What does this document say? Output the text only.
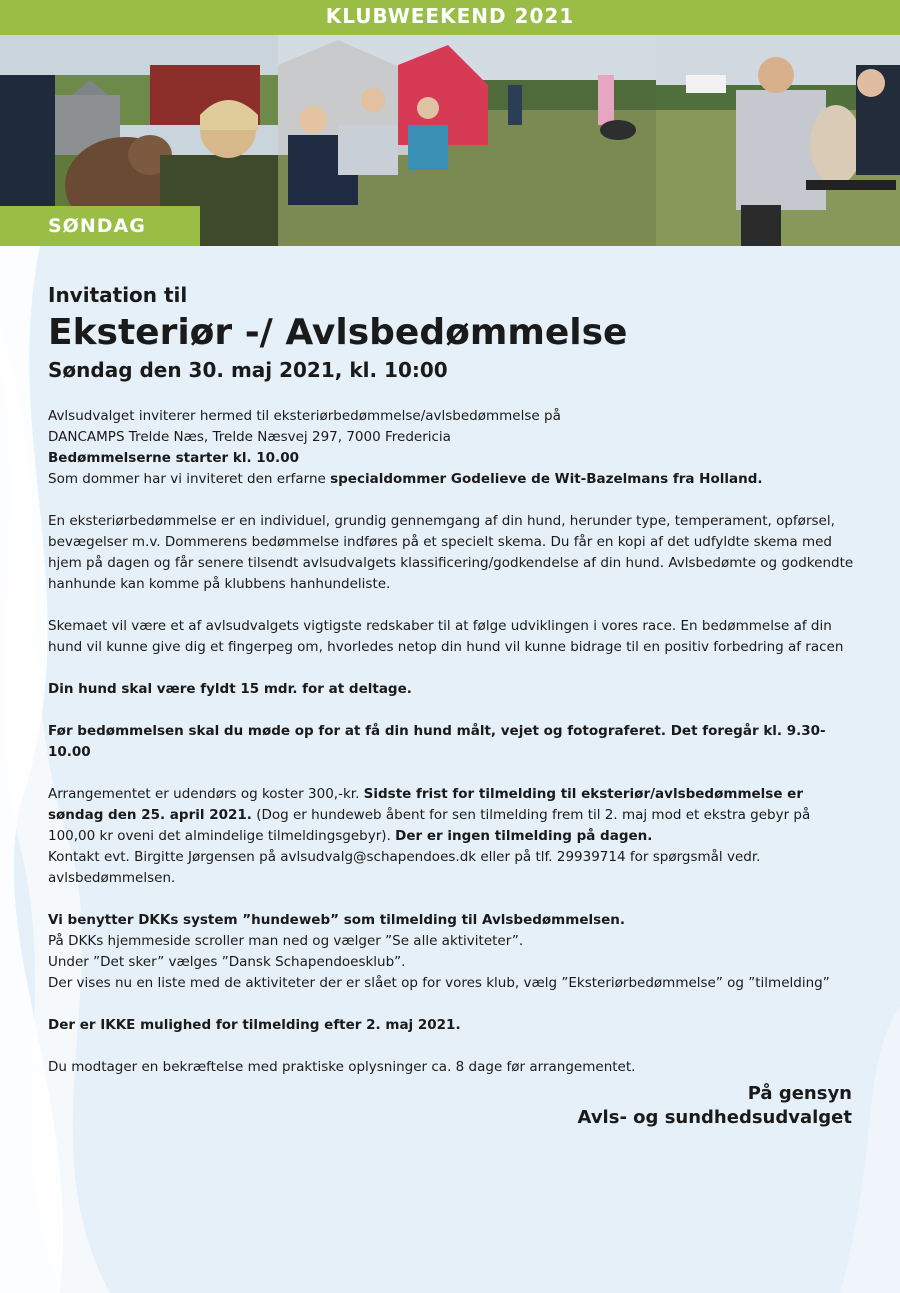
KLUBWEEKEND 2021
SØNDAG
Invitation til
Eksteriør -/ Avlsbedømmelse
Søndag den 30. maj 2021, kl. 10:00
Avlsudvalget inviterer hermed til eksteriørbedømmelse/avlsbedømmelse på
DANCAMPS Trelde Næs, Trelde Næsvej 297, 7000 Fredericia
Bedømmelserne starter kl. 10.00
Som dommer har vi inviteret den erfarne specialdommer Godelieve de Wit-Bazelmans fra Holland.
En eksteriørbedømmelse er en individuel, grundig gennemgang af din hund, herunder type, temperament, opførsel, bevægelser m.v. Dommerens bedømmelse indføres på et specielt skema. Du får en kopi af det udfyldte skema med hjem på dagen og får senere tilsendt avlsudvalgets klassificering/godkendelse af din hund. Avlsbedømte og godkendte hanhunde kan komme på klubbens hanhundeliste.
Skemaet vil være et af avlsudvalgets vigtigste redskaber til at følge udviklingen i vores race. En bedømmelse af din hund vil kunne give dig et fingerpeg om, hvorledes netop din hund vil kunne bidrage til en positiv forbedring af racen
Din hund skal være fyldt 15 mdr. for at deltage.
Før bedømmelsen skal du møde op for at få din hund målt, vejet og fotograferet. Det foregår kl. 9.30-10.00
Arrangementet er udendørs og koster 300,-kr. Sidste frist for tilmelding til eksteriør/avlsbedømmelse er søndag den 25. april 2021. (Dog er hundeweb åbent for sen tilmelding frem til 2. maj mod et ekstra gebyr på 100,00 kr oveni det almindelige tilmeldingsgebyr). Der er ingen tilmelding på dagen.
Kontakt evt. Birgitte Jørgensen på avlsudvalg@schapendoes.dk eller på tlf. 29939714 for spørgsmål vedr. avlsbedømmelsen.
Vi benytter DKKs system ”hundeweb” som tilmelding til Avlsbedømmelsen.
På DKKs hjemmeside scroller man ned og vælger ”Se alle aktiviteter”.
Under ”Det sker” vælges ”Dansk Schapendoesklub”.
Der vises nu en liste med de aktiviteter der er slået op for vores klub, vælg ”Eksteriørbedømmelse” og ”tilmelding”
Der er IKKE mulighed for tilmelding efter 2. maj 2021.
Du modtager en bekræftelse med praktiske oplysninger ca. 8 dage før arrangementet.
På gensyn
Avls- og sundhedsudvalget
